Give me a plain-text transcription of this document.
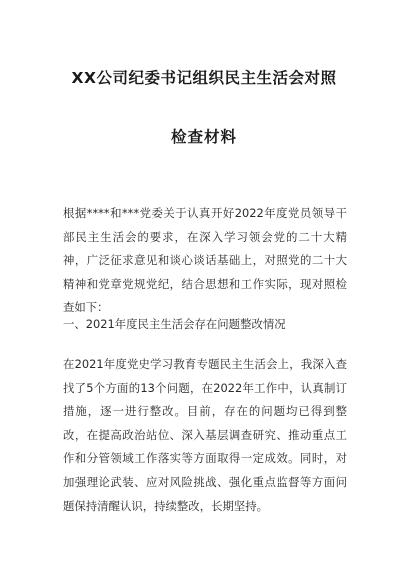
XX公司纪委书记组织民主生活会对照
检查材料
根据****和***党委关于认真开好2022年度党员领导干部民主生活会的要求，在深入学习领会党的二十大精神，广泛征求意见和谈心谈话基础上，对照党的二十大精神和党章党规党纪，结合思想和工作实际，现对照检查如下：
一、2021年度民主生活会存在问题整改情况
在2021年度党史学习教育专题民主生活会上，我深入查找了5个方面的13个问题，在2022年工作中，认真制订措施，逐一进行整改。目前，存在的问题均已得到整改，在提高政治站位、深入基层调查研究、推动重点工作和分管领域工作落实等方面取得一定成效。同时，对加强理论武装、应对风险挑战、强化重点监督等方面问题保持清醒认识，持续整改，长期坚持。
